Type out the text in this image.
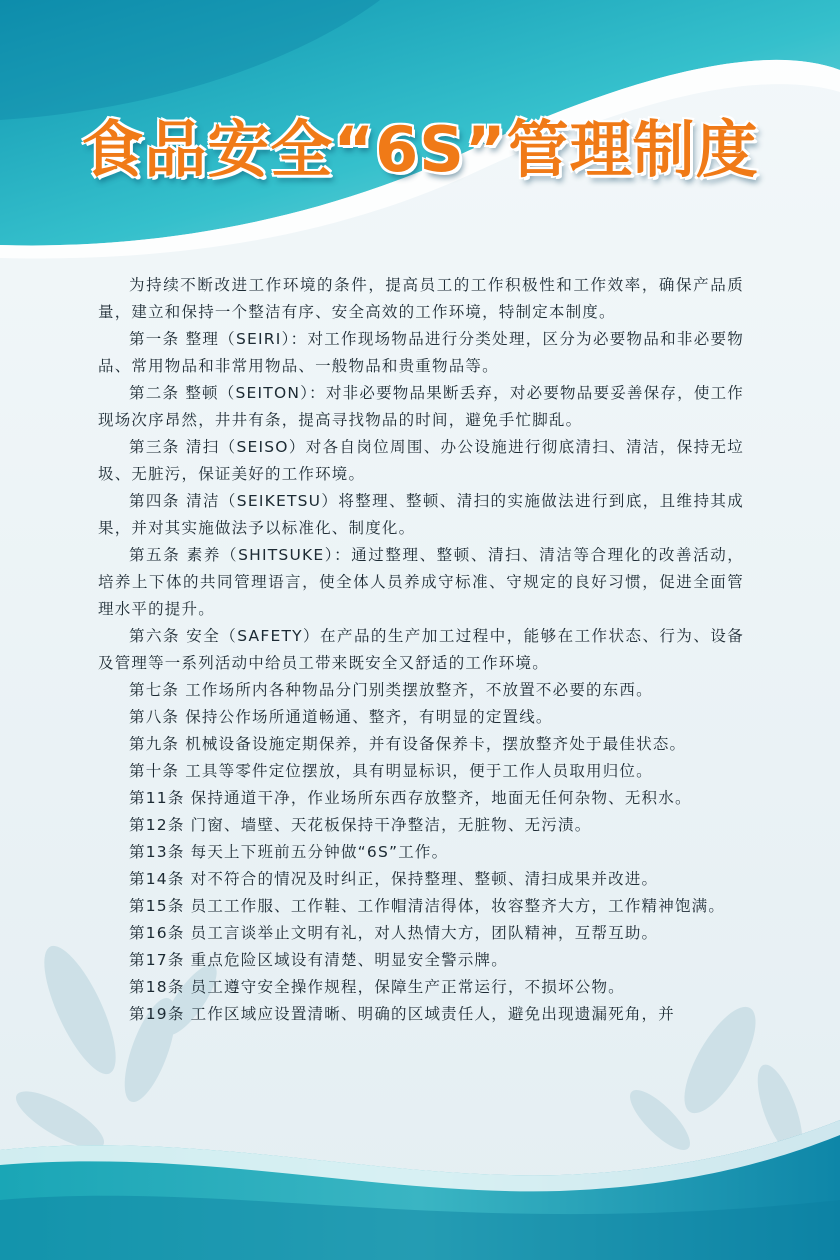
食品安全“6S”管理制度

为持续不断改进工作环境的条件，提高员工的工作积极性和工作效率，确保产品质量，建立和保持一个整洁有序、安全高效的工作环境，特制定本制度。

第一条 整理（SEIRI）：对工作现场物品进行分类处理，区分为必要物品和非必要物品、常用物品和非常用物品、一般物品和贵重物品等。

第二条 整顿（SEITON）：对非必要物品果断丢弃，对必要物品要妥善保存，使工作现场次序昂然，井井有条，提高寻找物品的时间，避免手忙脚乱。

第三条 清扫（SEISO）对各自岗位周围、办公设施进行彻底清扫、清洁，保持无垃圾、无脏污，保证美好的工作环境。

第四条 清洁（SEIKETSU）将整理、整顿、清扫的实施做法进行到底，且维持其成果，并对其实施做法予以标准化、制度化。

第五条 素养（SHITSUKE）：通过整理、整顿、清扫、清洁等合理化的改善活动，培养上下体的共同管理语言，使全体人员养成守标准、守规定的良好习惯，促进全面管理水平的提升。

第六条 安全（SAFETY）在产品的生产加工过程中，能够在工作状态、行为、设备及管理等一系列活动中给员工带来既安全又舒适的工作环境。

第七条 工作场所内各种物品分门别类摆放整齐，不放置不必要的东西。

第八条 保持公作场所通道畅通、整齐，有明显的定置线。

第九条 机械设备设施定期保养，并有设备保养卡，摆放整齐处于最佳状态。

第十条 工具等零件定位摆放，具有明显标识，便于工作人员取用归位。

第11条 保持通道干净，作业场所东西存放整齐，地面无任何杂物、无积水。

第12条 门窗、墙壁、天花板保持干净整洁，无脏物、无污渍。

第13条 每天上下班前五分钟做“6S”工作。

第14条 对不符合的情况及时纠正，保持整理、整顿、清扫成果并改进。

第15条 员工工作服、工作鞋、工作帽清洁得体，妆容整齐大方，工作精神饱满。

第16条 员工言谈举止文明有礼，对人热情大方，团队精神，互帮互助。

第17条 重点危险区域设有清楚、明显安全警示牌。

第18条 员工遵守安全操作规程，保障生产正常运行，不损坏公物。

第19条 工作区域应设置清晰、明确的区域责任人，避免出现遗漏死角，并
